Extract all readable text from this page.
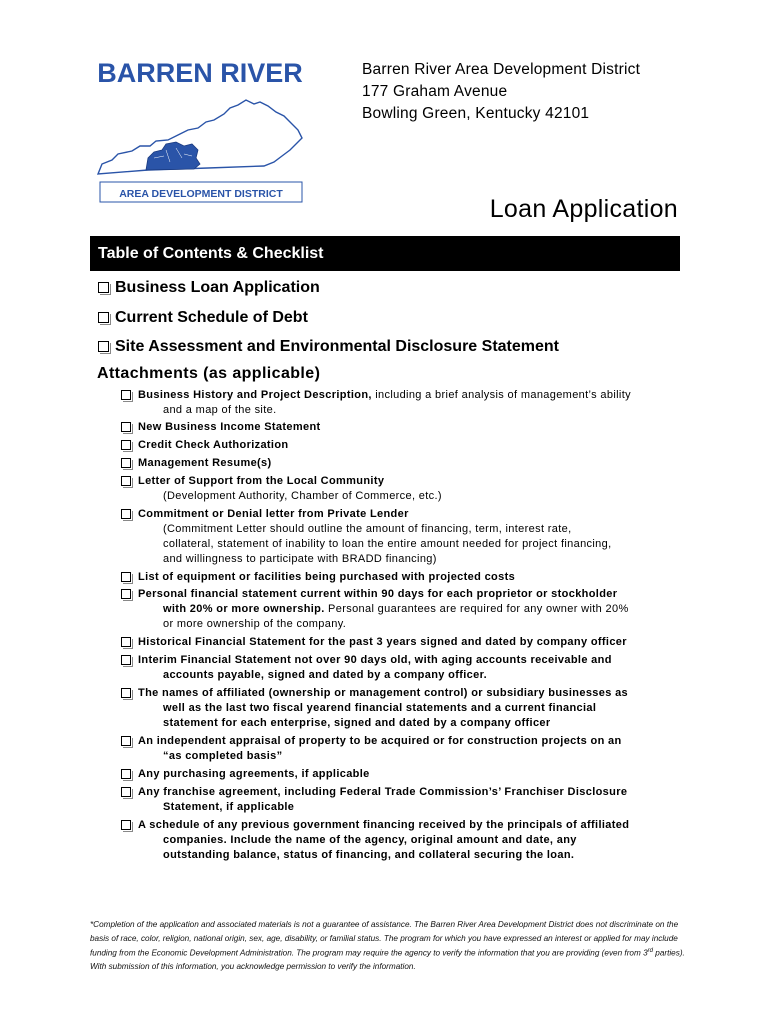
BARREN RIVER
AREA DEVELOPMENT DISTRICT
Barren River Area Development District
177 Graham Avenue
Bowling Green, Kentucky 42101
Loan Application
Table of Contents & Checklist
Business Loan Application
Current Schedule of Debt
Site Assessment and Environmental Disclosure Statement
Attachments (as applicable)
Business History and Project Description, including a brief analysis of management’s ability
and a map of the site.
New Business Income Statement
Credit Check Authorization
Management Resume(s)
Letter of Support from the Local Community
(Development Authority, Chamber of Commerce, etc.)
Commitment or Denial letter from Private Lender
(Commitment Letter should outline the amount of financing, term, interest rate,
collateral, statement of inability to loan the entire amount needed for project financing,
and willingness to participate with BRADD financing)
List of equipment or facilities being purchased with projected costs
Personal financial statement current within 90 days for each proprietor or stockholder
with 20% or more ownership. Personal guarantees are required for any owner with 20%
or more ownership of the company.
Historical Financial Statement for the past 3 years signed and dated by company officer
Interim Financial Statement not over 90 days old, with aging accounts receivable and
accounts payable, signed and dated by a company officer.
The names of affiliated (ownership or management control) or subsidiary businesses as
well as the last two fiscal yearend financial statements and a current financial
statement for each enterprise, signed and dated by a company officer
An independent appraisal of property to be acquired or for construction projects on an
“as completed basis”
Any purchasing agreements, if applicable
Any franchise agreement, including Federal Trade Commission’s’ Franchiser Disclosure
Statement, if applicable
A schedule of any previous government financing received by the principals of affiliated
companies. Include the name of the agency, original amount and date, any
outstanding balance, status of financing, and collateral securing the loan.
*Completion of the application and associated materials is not a guarantee of assistance. The Barren River Area Development District does not discriminate on the basis of race, color, religion, national origin, sex, age, disability, or familial status. The program for which you have expressed an interest or applied for may include funding from the Economic Development Administration. The program may require the agency to verify the information that you are providing (even from 3rd parties). With submission of this information, you acknowledge permission to verify the information.
